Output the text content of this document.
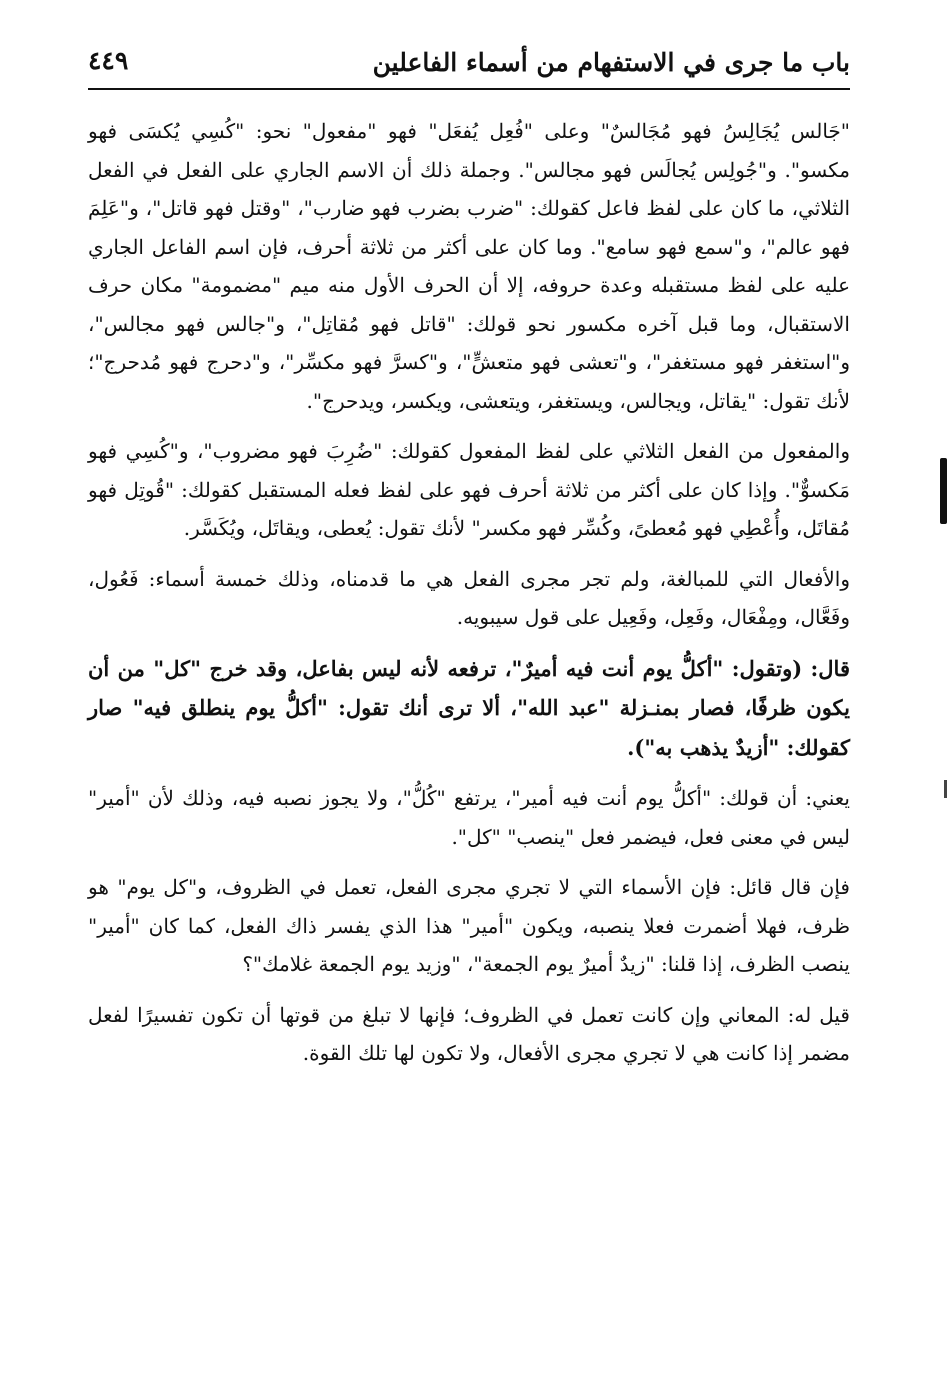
باب ما جرى في الاستفهام من أسماء الفاعلين
٤٤٩

"جَالس يُجَالِسُ فهو مُجَالسٌ" وعلى "فُعِل يُفعَل" فهو "مفعول" نحو: "كُسِي يُكسَى فهو مكسو". و"جُولِس يُجالَس فهو مجالس". وجملة ذلك أن الاسم الجاري على الفعل في الفعل الثلاثي، ما كان على لفظ فاعل كقولك: "ضرب بضرب فهو ضارب"، "وقتل فهو قاتل"، و"عَلِمَ فهو عالم"، و"سمع فهو سامع". وما كان على أكثر من ثلاثة أحرف، فإن اسم الفاعل الجاري عليه على لفظ مستقبله وعدة حروفه، إلا أن الحرف الأول منه ميم "مضمومة" مكان حرف الاستقبال، وما قبل آخره مكسور نحو قولك: "قاتل فهو مُقاتِل"، و"جالس فهو مجالس"، و"استغفر فهو مستغفر"، و"تعشى فهو متعشٍّ"، و"كسرَّ فهو مكسِّر"، و"دحرج فهو مُدحرج"؛ لأنك تقول: "يقاتل، ويجالس، ويستغفر، ويتعشى، ويكسر، ويدحرج".

والمفعول من الفعل الثلاثي على لفظ المفعول كقولك: "ضُرِبَ فهو مضروب"، و"كُسِي فهو مَكسوٌّ". وإذا كان على أكثر من ثلاثة أحرف فهو على لفظ فعله المستقبل كقولك: "قُوتِل فهو مُقاتَل، وأُعْطِي فهو مُعطىً، وكُسِّر فهو مكسر" لأنك تقول: يُعطى، ويقاتَل، ويُكَسَّر.

والأفعال التي للمبالغة، ولم تجر مجرى الفعل هي ما قدمناه، وذلك خمسة أسماء: فَعُول، وفَعَّال، ومِفْعَال، وفَعِل، وفَعِيل على قول سيبويه.

قال: (وتقول: "أكلُّ يوم أنت فيه أميرٌ"، ترفعه لأنه ليس بفاعل، وقد خرج "كل" من أن يكون ظرفًا، فصار بمنـزلة "عبد الله"، ألا ترى أنك تقول: "أكلُّ يوم ينطلق فيه" صار كقولك: "أزيدٌ يذهب به").

يعني: أن قولك: "أكلُّ يوم أنت فيه أمير"، يرتفع "كُلُّ"، ولا يجوز نصبه فيه، وذلك لأن "أمير" ليس في معنى فعل، فيضمر فعل "ينصب" "كل".

فإن قال قائل: فإن الأسماء التي لا تجري مجرى الفعل، تعمل في الظروف، و"كل يوم" هو ظرف، فهلا أضمرت فعلا ينصبه، ويكون "أمير" هذا الذي يفسر ذاك الفعل، كما كان "أمير" ينصب الظرف، إذا قلنا: "زيدٌ أميرٌ يوم الجمعة"، "وزيد يوم الجمعة غلامك"؟

قيل له: المعاني وإن كانت تعمل في الظروف؛ فإنها لا تبلغ من قوتها أن تكون تفسيرًا لفعل مضمر إذا كانت هي لا تجري مجرى الأفعال، ولا تكون لها تلك القوة.
